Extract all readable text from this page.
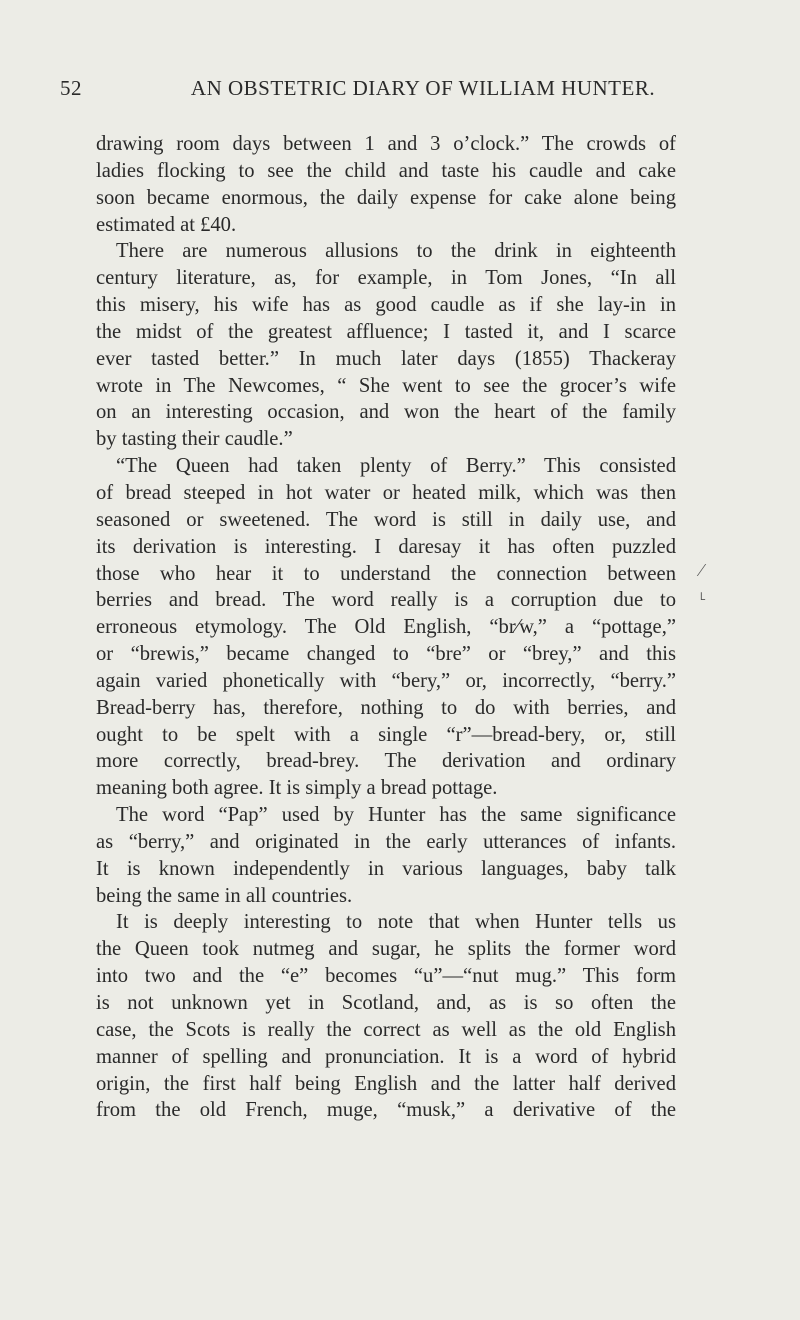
52	AN OBSTETRIC DIARY OF WILLIAM HUNTER.
⁄
˪
drawing room days between 1 and 3 o’clock.” The crowds of
ladies flocking to see the child and taste his caudle and cake
soon became enormous, the daily expense for cake alone being
estimated at £40.
There are numerous allusions to the drink in eighteenth
century literature, as, for example, in Tom Jones, “In all
this misery, his wife has as good caudle as if she lay-in in
the midst of the greatest affluence; I tasted it, and I scarce
ever tasted better.” In much later days (1855) Thackeray
wrote in The Newcomes, “ She went to see the grocer’s wife
on an interesting occasion, and won the heart of the family
by tasting their caudle.”
“The Queen had taken plenty of Berry.” This consisted
of bread steeped in hot water or heated milk, which was then
seasoned or sweetened. The word is still in daily use, and
its derivation is interesting. I daresay it has often puzzled
those who hear it to understand the connection between
berries and bread. The word really is a corruption due to
erroneous etymology. The Old English, “br⁄w,” a “pottage,”
or “brewis,” became changed to “bre” or “brey,” and this
again varied phonetically with “bery,” or, incorrectly, “berry.”
Bread-berry has, therefore, nothing to do with berries, and
ought to be spelt with a single “r”—bread-bery, or, still
more correctly, bread-brey. The derivation and ordinary
meaning both agree. It is simply a bread pottage.
The word “Pap” used by Hunter has the same significance
as “berry,” and originated in the early utterances of infants.
It is known independently in various languages, baby talk
being the same in all countries.
It is deeply interesting to note that when Hunter tells us
the Queen took nutmeg and sugar, he splits the former word
into two and the “e” becomes “u”—“nut mug.” This form
is not unknown yet in Scotland, and, as is so often the
case, the Scots is really the correct as well as the old English
manner of spelling and pronunciation. It is a word of hybrid
origin, the first half being English and the latter half derived
from the old French, muge, “musk,” a derivative of the
